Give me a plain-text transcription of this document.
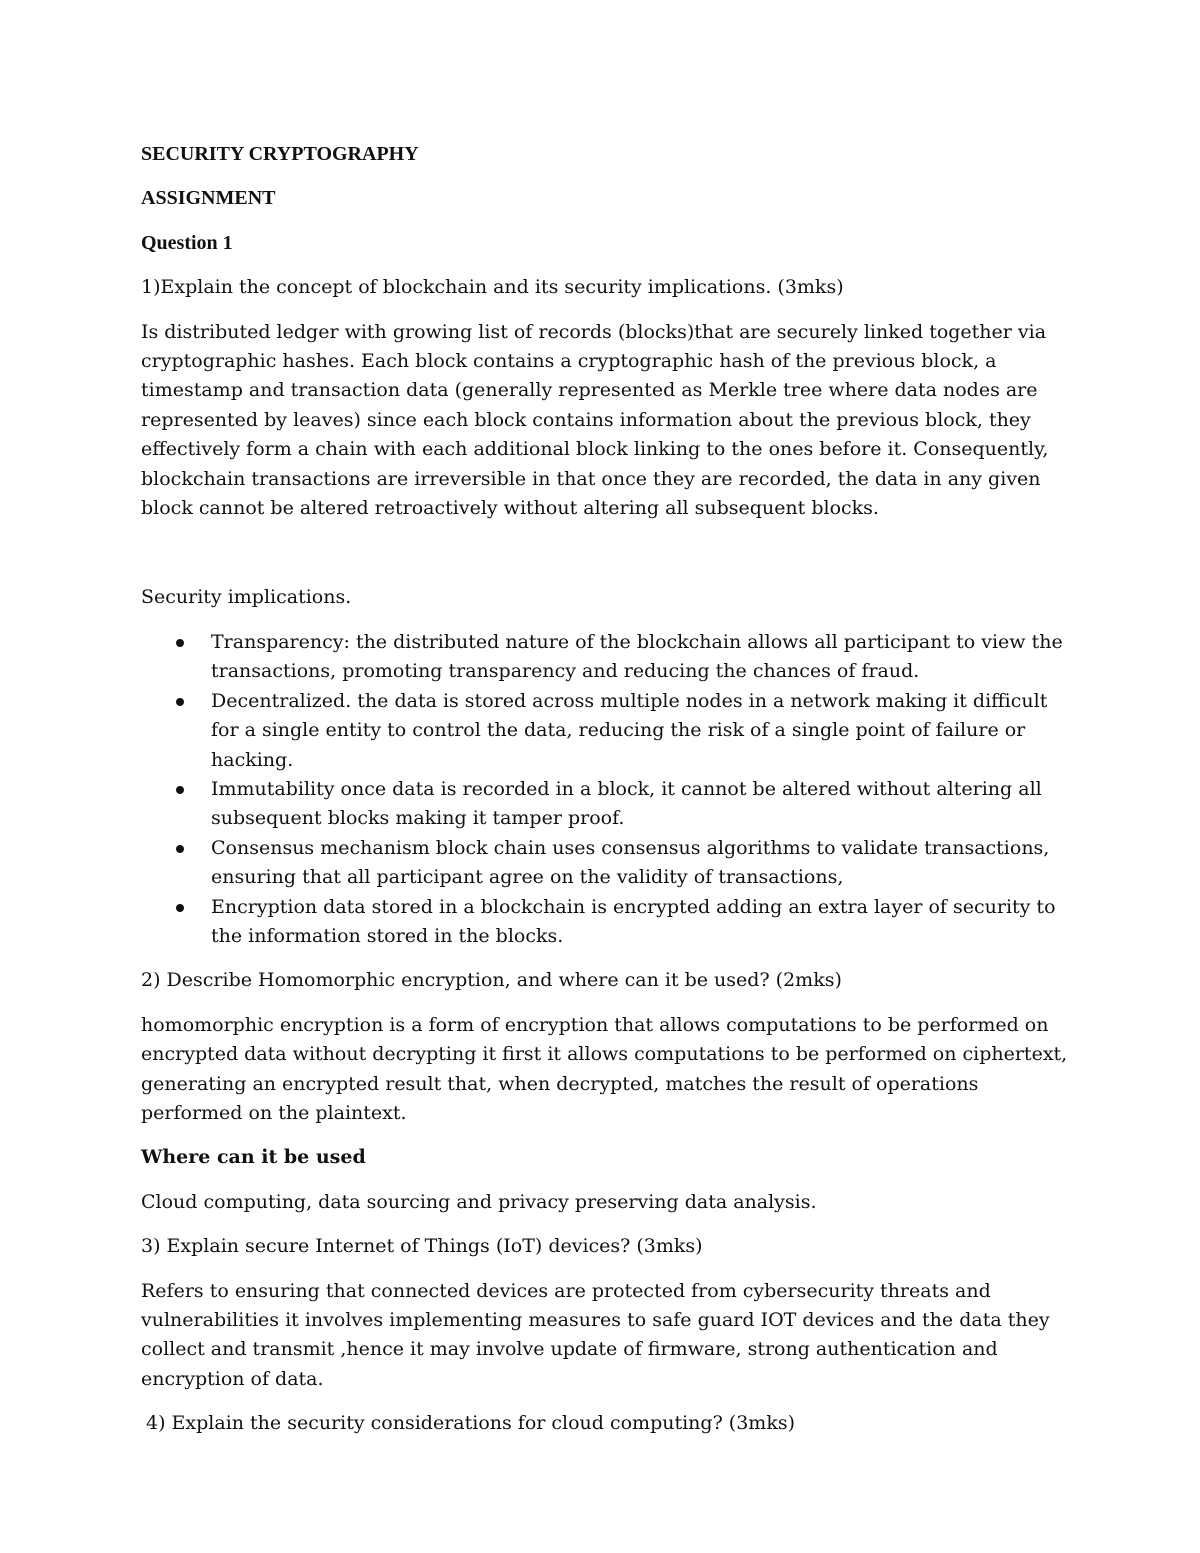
SECURITY CRYPTOGRAPHY

ASSIGNMENT

Question 1

1)Explain the concept of blockchain and its security implications. (3mks)

Is distributed ledger with growing list of records (blocks)that are securely linked together via cryptographic hashes. Each block contains a cryptographic hash of the previous block, a timestamp and transaction data (generally represented as Merkle tree where data nodes are represented by leaves) since each block contains information about the previous block, they effectively form a chain with each additional block linking to the ones before it. Consequently, blockchain transactions are irreversible in that once they are recorded, the data in any given block cannot be altered retroactively without altering all subsequent blocks.

Security implications.

Transparency: the distributed nature of the blockchain allows all participant to view the transactions, promoting transparency and reducing the chances of fraud.
Decentralized. the data is stored across multiple nodes in a network making it difficult for a single entity to control the data, reducing the risk of a single point of failure or hacking.
Immutability once data is recorded in a block, it cannot be altered without altering all subsequent blocks making it tamper proof.
Consensus mechanism block chain uses consensus algorithms to validate transactions, ensuring that all participant agree on the validity of transactions,
Encryption data stored in a blockchain is encrypted adding an extra layer of security to the information stored in the blocks.

2) Describe Homomorphic encryption, and where can it be used? (2mks)

homomorphic encryption is a form of encryption that allows computations to be performed on encrypted data without decrypting it first it allows computations to be performed on ciphertext, generating an encrypted result that, when decrypted, matches the result of operations performed on the plaintext.

Where can it be used

Cloud computing, data sourcing and privacy preserving data analysis.

3) Explain secure Internet of Things (IoT) devices? (3mks)

Refers to ensuring that connected devices are protected from cybersecurity threats and vulnerabilities it involves implementing measures to safe guard IOT devices and the data they collect and transmit ,hence it may involve update of firmware, strong authentication and encryption of data.

4) Explain the security considerations for cloud computing? (3mks)
